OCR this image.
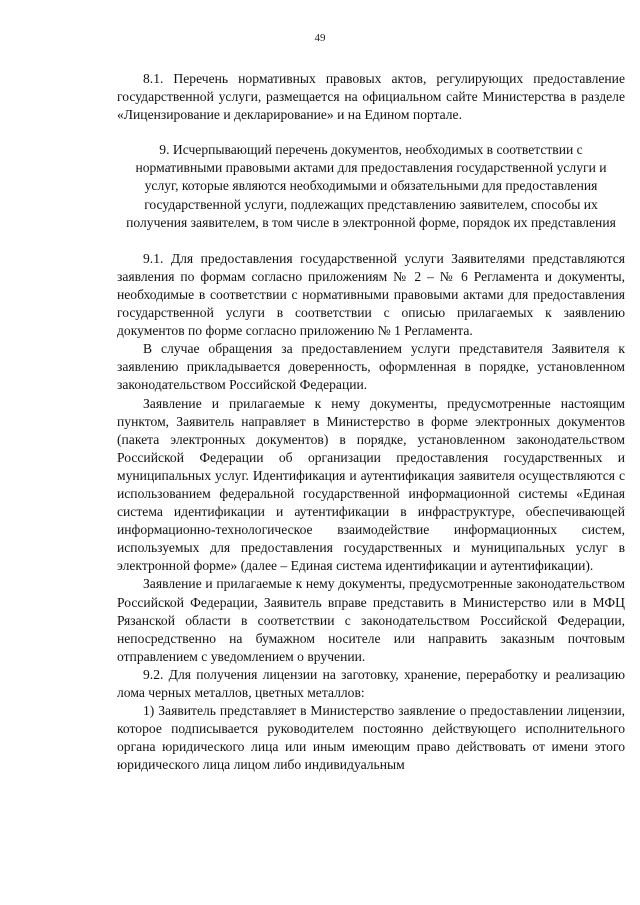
49

8.1. Перечень нормативных правовых актов, регулирующих предоставление государственной услуги, размещается на официальном сайте Министерства в разделе «Лицензирование и декларирование» и на Едином портале.

9. Исчерпывающий перечень документов, необходимых в соответствии с нормативными правовыми актами для предоставления государственной услуги и услуг, которые являются необходимыми и обязательными для предоставления государственной услуги, подлежащих представлению заявителем, способы их получения заявителем, в том числе в электронной форме, порядок их представления

9.1. Для предоставления государственной услуги Заявителями представляются заявления по формам согласно приложениям № 2 – № 6 Регламента и документы, необходимые в соответствии с нормативными правовыми актами для предоставления государственной услуги в соответствии с описью прилагаемых к заявлению документов по форме согласно приложению № 1 Регламента.

В случае обращения за предоставлением услуги представителя Заявителя к заявлению прикладывается доверенность, оформленная в порядке, установленном законодательством Российской Федерации.

Заявление и прилагаемые к нему документы, предусмотренные настоящим пунктом, Заявитель направляет в Министерство в форме электронных документов (пакета электронных документов) в порядке, установленном законодательством Российской Федерации об организации предоставления государственных и муниципальных услуг. Идентификация и аутентификация заявителя осуществляются с использованием федеральной государственной информационной системы «Единая система идентификации и аутентификации в инфраструктуре, обеспечивающей информационно-технологическое взаимодействие информационных систем, используемых для предоставления государственных и муниципальных услуг в электронной форме» (далее – Единая система идентификации и аутентификации).

Заявление и прилагаемые к нему документы, предусмотренные законодательством Российской Федерации, Заявитель вправе представить в Министерство или в МФЦ Рязанской области в соответствии с законодательством Российской Федерации, непосредственно на бумажном носителе или направить заказным почтовым отправлением с уведомлением о вручении.

9.2. Для получения лицензии на заготовку, хранение, переработку и реализацию лома черных металлов, цветных металлов:

1) Заявитель представляет в Министерство заявление о предоставлении лицензии, которое подписывается руководителем постоянно действующего исполнительного органа юридического лица или иным имеющим право действовать от имени этого юридического лица лицом либо индивидуальным
